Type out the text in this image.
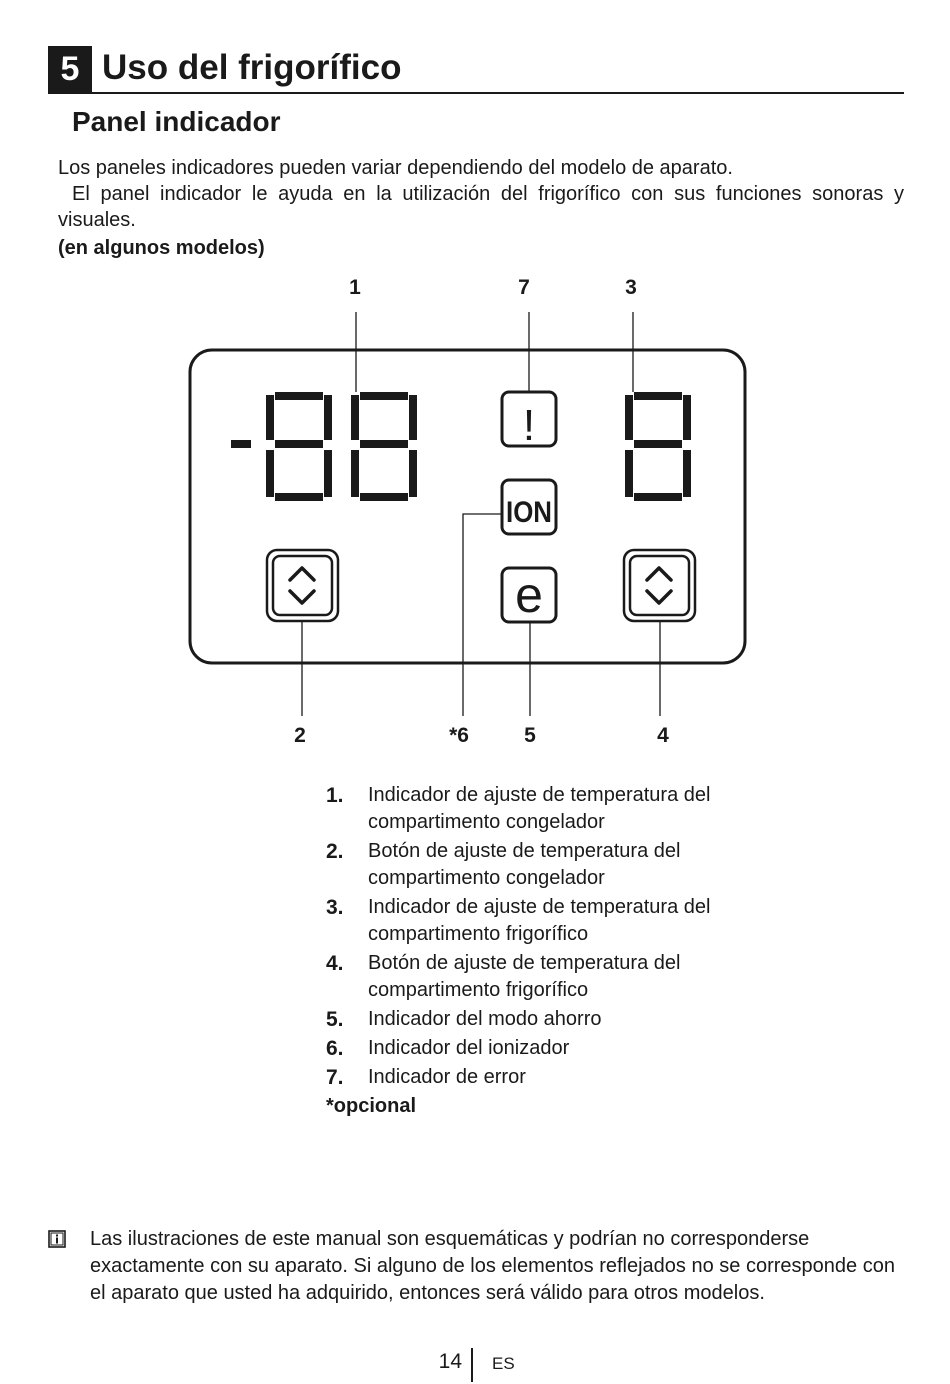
5 Uso del frigorífico
Panel indicador
Los paneles indicadores pueden variar dependiendo del modelo de aparato.
El panel indicador le ayuda en la utilización del frigorífico con sus funciones sonoras y visuales.
(en algunos modelos)
1	7	3
2	*6	5	4
!
ION
e
1.	Indicador de ajuste de temperatura del compartimento congelador
2.	Botón de ajuste de temperatura del compartimento congelador
3.	Indicador de ajuste de temperatura del compartimento frigorífico
4.	Botón de ajuste de temperatura del compartimento frigorífico
5.	Indicador del modo ahorro
6.	Indicador del ionizador
7.	Indicador de error
*opcional
Las ilustraciones de este manual son esquemáticas y podrían no corresponderse exactamente con su aparato. Si alguno de los elementos reflejados no se corresponde con el aparato que usted ha adquirido, entonces será válido para otros modelos.
14 ES
